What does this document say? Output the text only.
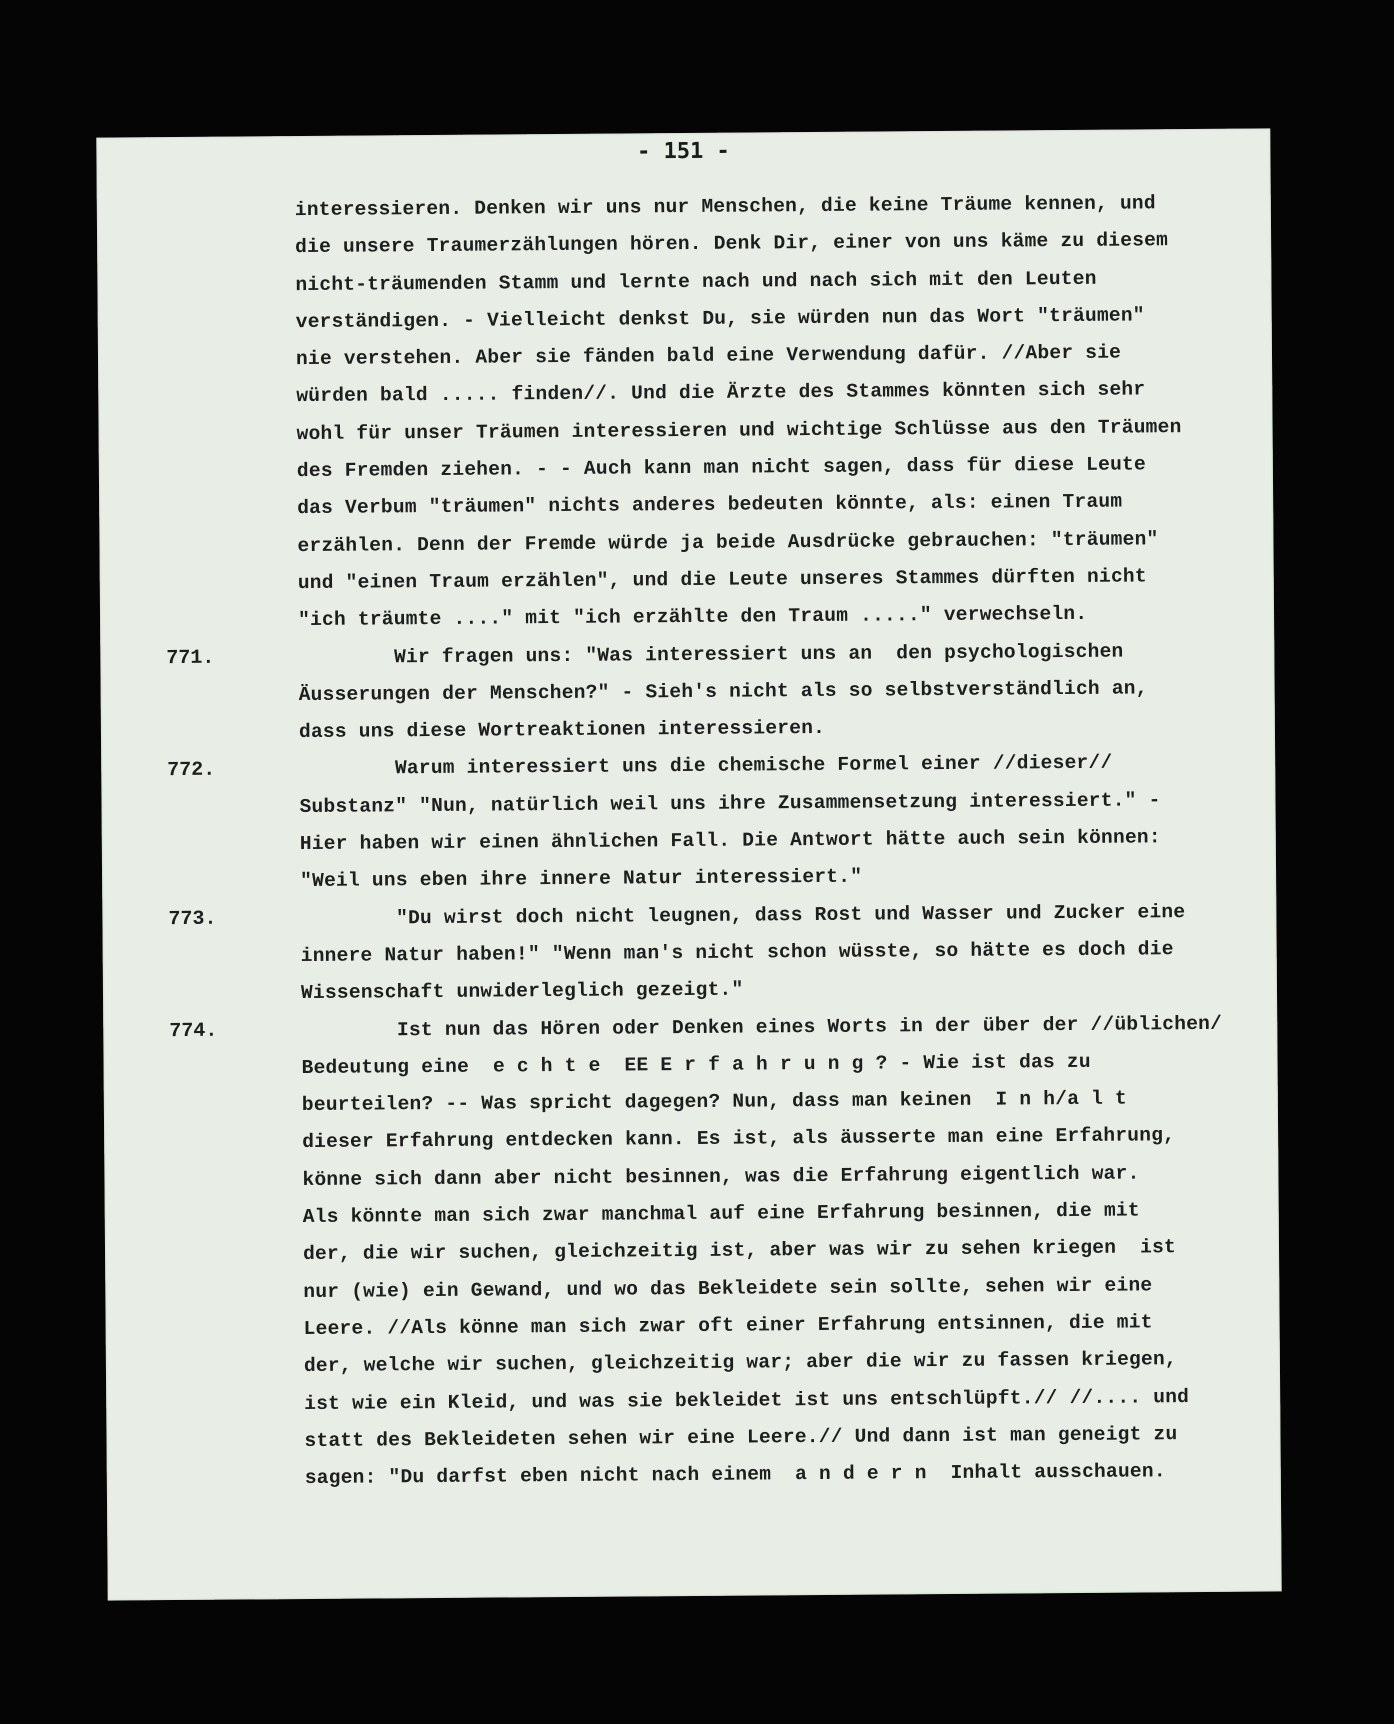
- 151 -
771.
772.
773.
774.
interessieren. Denken wir uns nur Menschen, die keine Träume kennen, und
die unsere Traumerzählungen hören. Denk Dir, einer von uns käme zu diesem
nicht-träumenden Stamm und lernte nach und nach sich mit den Leuten
verständigen. - Vielleicht denkst Du, sie würden nun das Wort "träumen"
nie verstehen. Aber sie fänden bald eine Verwendung dafür. //Aber sie
würden bald ..... finden//. Und die Ärzte des Stammes könnten sich sehr
wohl für unser Träumen interessieren und wichtige Schlüsse aus den Träumen
des Fremden ziehen. - - Auch kann man nicht sagen, dass für diese Leute
das Verbum "träumen" nichts anderes bedeuten könnte, als: einen Traum
erzählen. Denn der Fremde würde ja beide Ausdrücke gebrauchen: "träumen"
und "einen Traum erzählen", und die Leute unseres Stammes dürften nicht
"ich träumte ...." mit "ich erzählte den Traum ....." verwechseln.
Wir fragen uns: "Was interessiert uns an  den psychologischen
Äusserungen der Menschen?" - Sieh's nicht als so selbstverständlich an,
dass uns diese Wortreaktionen interessieren.
Warum interessiert uns die chemische Formel einer //dieser//
Substanz" "Nun, natürlich weil uns ihre Zusammensetzung interessiert." -
Hier haben wir einen ähnlichen Fall. Die Antwort hätte auch sein können:
"Weil uns eben ihre innere Natur interessiert."
"Du wirst doch nicht leugnen, dass Rost und Wasser und Zucker eine
innere Natur haben!" "Wenn man's nicht schon wüsste, so hätte es doch die
Wissenschaft unwiderleglich gezeigt."
Ist nun das Hören oder Denken eines Worts in der über der //üblichen/
Bedeutung eine  e c h t e  EE E r f a h r u n g ? - Wie ist das zu
beurteilen? -- Was spricht dagegen? Nun, dass man keinen  I n h/a l t
dieser Erfahrung entdecken kann. Es ist, als äusserte man eine Erfahrung,
könne sich dann aber nicht besinnen, was die Erfahrung eigentlich war.
Als könnte man sich zwar manchmal auf eine Erfahrung besinnen, die mit
der, die wir suchen, gleichzeitig ist, aber was wir zu sehen kriegen  ist
nur (wie) ein Gewand, und wo das Bekleidete sein sollte, sehen wir eine
Leere. //Als könne man sich zwar oft einer Erfahrung entsinnen, die mit
der, welche wir suchen, gleichzeitig war; aber die wir zu fassen kriegen,
ist wie ein Kleid, und was sie bekleidet ist uns entschlüpft.// //.... und
statt des Bekleideten sehen wir eine Leere.// Und dann ist man geneigt zu
sagen: "Du darfst eben nicht nach einem  a n d e r n  Inhalt ausschauen.
